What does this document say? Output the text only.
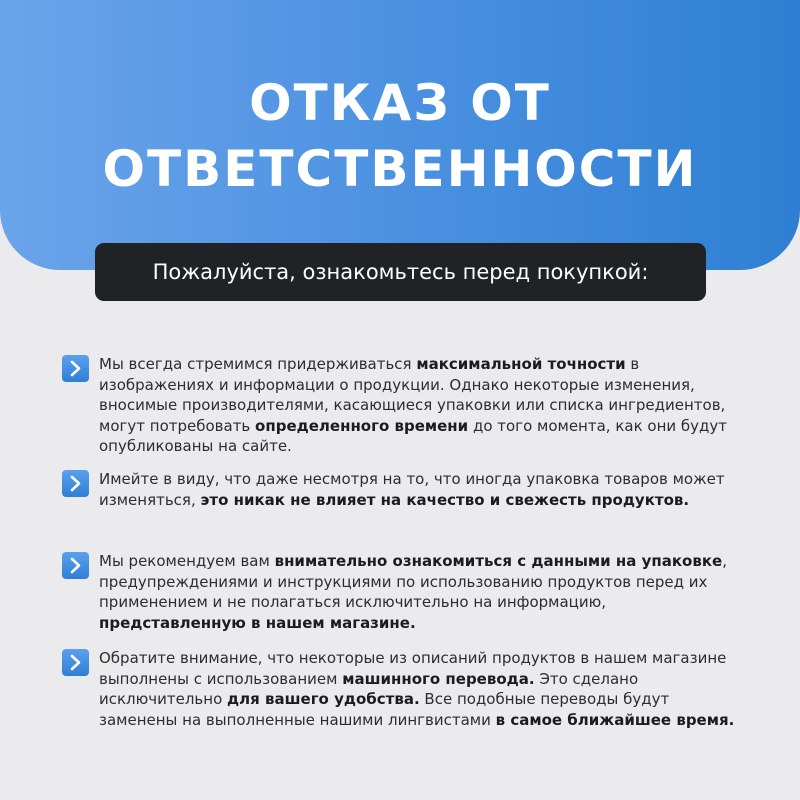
ОТКАЗ ОТ
ОТВЕТСТВЕННОСТИ
Пожалуйста, ознакомьтесь перед покупкой:
Мы всегда стремимся придерживаться максимальной точности в изображениях и информации о продукции. Однако некоторые изменения, вносимые производителями, касающиеся упаковки или списка ингредиентов, могут потребовать определенного времени до того момента, как они будут опубликованы на сайте.
Имейте в виду, что даже несмотря на то, что иногда упаковка товаров может изменяться, это никак не влияет на качество и свежесть продуктов.
Мы рекомендуем вам внимательно ознакомиться с данными на упаковке, предупреждениями и инструкциями по использованию продуктов перед их применением и не полагаться исключительно на информацию, представленную в нашем магазине.
Обратите внимание, что некоторые из описаний продуктов в нашем магазине выполнены с использованием машинного перевода. Это сделано исключительно для вашего удобства. Все подобные переводы будут заменены на выполненные нашими лингвистами в самое ближайшее время.
